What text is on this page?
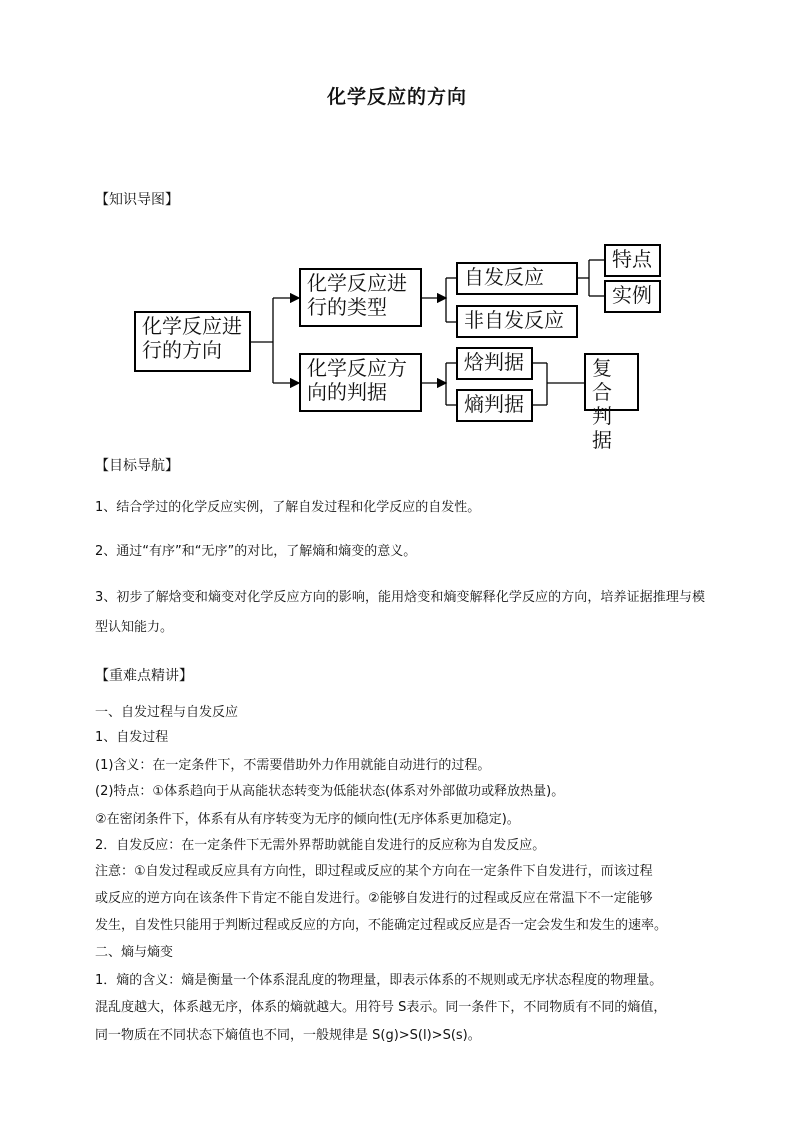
化学反应的方向
【知识导图】
化学反应进
行的方向
化学反应进
行的类型
化学反应方
向的判据
自发反应
非自发反应
特点
实例
焓判据
熵判据
复合
判据
【目标导航】
1、结合学过的化学反应实例，了解自发过程和化学反应的自发性。
2、通过“有序”和“无序”的对比，了解熵和熵变的意义。
3、初步了解焓变和熵变对化学反应方向的影响，能用焓变和熵变解释化学反应的方向，培养证据推理与模型认知能力。
【重难点精讲】
一、自发过程与自发反应
1、自发过程
(1)含义：在一定条件下，不需要借助外力作用就能自动进行的过程。
(2)特点：①体系趋向于从高能状态转变为低能状态(体系对外部做功或释放热量)。
②在密闭条件下，体系有从有序转变为无序的倾向性(无序体系更加稳定)。
2．自发反应：在一定条件下无需外界帮助就能自发进行的反应称为自发反应。
注意：①自发过程或反应具有方向性，即过程或反应的某个方向在一定条件下自发进行，而该过程
或反应的逆方向在该条件下肯定不能自发进行。②能够自发进行的过程或反应在常温下不一定能够
发生，自发性只能用于判断过程或反应的方向，不能确定过程或反应是否一定会发生和发生的速率。
二、熵与熵变
1．熵的含义：熵是衡量一个体系混乱度的物理量，即表示体系的不规则或无序状态程度的物理量。
混乱度越大，体系越无序，体系的熵就越大。用符号 S表示。同一条件下，不同物质有不同的熵值，
同一物质在不同状态下熵值也不同，一般规律是 S(g)>S(l)>S(s)。
